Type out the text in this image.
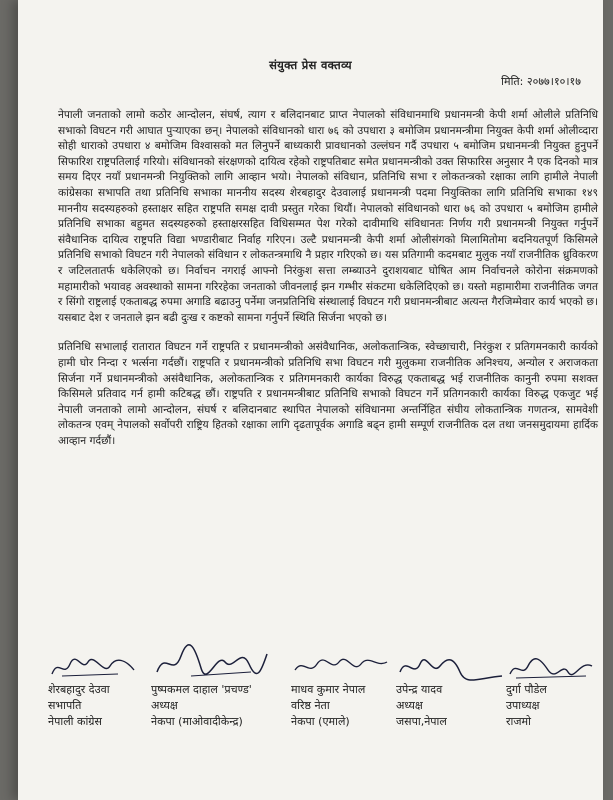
संयुक्त प्रेस वक्तव्य
मिति: २०७७।१०।१७

नेपाली जनताको लामो कठोर आन्दोलन, संघर्ष, त्याग र बलिदानबाट प्राप्त नेपालको संविधानमाथि प्रधानमन्त्री केपी शर्मा ओलीले प्रतिनिधि सभाको विघटन गरी आघात पुर्‍याएका छन्। नेपालको संविधानको धारा ७६ को उपधारा ३ बमोजिम प्रधानमन्त्रीमा नियुक्त केपी शर्मा ओलीव्दारा सोही धाराको उपधारा ४ बमोजिम विश्वासको मत लिनुपर्ने बाध्यकारी प्रावधानको उल्लंघन गर्दै उपधारा ५ बमोजिम प्रधानमन्त्री नियुक्त हुनुपर्ने सिफारिश राष्ट्रपतिलाई गरियो। संविधानको संरक्षणको दायित्व रहेको राष्ट्रपतिबाट समेत प्रधानमन्त्रीको उक्त सिफारिस अनुसार नै एक दिनको मात्र समय दिएर नयाँ प्रधानमन्त्री नियुक्तिको लागि आव्हान भयो। नेपालको संविधान, प्रतिनिधि सभा र लोकतन्त्रको रक्षाका लागि हामीले नेपाली कांग्रेसका सभापति तथा प्रतिनिधि सभाका माननीय सदस्य शेरबहादुर देउवालाई प्रधानमन्त्री पदमा नियुक्तिका लागि प्रतिनिधि सभाका १४९ माननीय सदस्यहरुको हस्ताक्षर सहित राष्ट्रपति समक्ष दावी प्रस्तुत गरेका थियौं। नेपालको संविधानको धारा ७६ को उपधारा ५ बमोजिम हामीले प्रतिनिधि सभाका बहुमत सदस्यहरुको हस्ताक्षरसहित विधिसम्मत पेश गरेको दावीमाथि संविधानतः निर्णय गरी प्रधानमन्त्री नियुक्त गर्नुपर्ने संवैधानिक दायित्व राष्ट्रपति विद्या भण्डारीबाट निर्वाह गरिएन। उल्टै प्रधानमन्त्री केपी शर्मा ओलीसंगको मिलामितोमा बदनियतपूर्ण किसिमले प्रतिनिधि सभाको विघटन गरी नेपालको संविधान र लोकतन्त्रमाथि नै प्रहार गरिएको छ। यस प्रतिगामी कदमबाट मुलुक नयाँ राजनीतिक ध्रुविकरण र जटिलतातर्फ धकेलिएको छ। निर्वाचन नगराई आफ्नो निरंकुश सत्ता लम्ब्याउने दुराशयबाट घोषित आम निर्वाचनले कोरोना संक्रमणको महामारीको भयावह अवस्थाको सामना गरिरहेका जनताको जीवनलाई झन गम्भीर संकटमा धकेलिदिएको छ। यस्तो महामारीमा राजनीतिक जगत र सिंगो राष्ट्रलाई एकताबद्ध रुपमा अगाडि बढाउनु पर्नेमा जनप्रतिनिधि संस्थालाई विघटन गरी प्रधानमन्त्रीबाट अत्यन्त गैरजिम्मेवार कार्य भएको छ। यसबाट देश र जनताले झन बढी दुःख र कष्टको सामना गर्नुपर्ने स्थिति सिर्जना भएको छ।

प्रतिनिधि सभालाई रातारात विघटन गर्ने राष्ट्रपति र प्रधानमन्त्रीको असंवैधानिक, अलोकतान्त्रिक, स्वेच्छाचारी, निरंकुश र प्रतिगमनकारी कार्यको हामी घोर निन्दा र भर्त्सना गर्दछौं। राष्ट्रपति र प्रधानमन्त्रीको प्रतिनिधि सभा विघटन गरी मुलुकमा राजनीतिक अनिश्चय, अन्योल र अराजकता सिर्जना गर्ने प्रधानमन्त्रीको असंवैधानिक, अलोकतान्त्रिक र प्रतिगमनकारी कार्यका विरुद्ध एकताबद्ध भई राजनीतिक कानुनी रुपमा सशक्त किसिमले प्रतिवाद गर्न हामी कटिबद्ध छौं। राष्ट्रपति र प्रधानमन्त्रीबाट प्रतिनिधि सभाको विघटन गर्ने प्रतिगनकारी कार्यका विरुद्ध एकजुट भई नेपाली जनताको लामो आन्दोलन, संघर्ष र बलिदानबाट स्थापित नेपालको संविधानमा अन्तर्निहित संघीय लोकतान्त्रिक गणतन्त्र, सामवेशी लोकतन्त्र एवम् नेपालको सर्वोपरी राष्ट्रिय हितको रक्षाका लागि दृढतापूर्वक अगाडि बढ्न हामी सम्पूर्ण राजनीतिक दल तथा जनसमुदायमा हार्दिक आव्हान गर्दछौं।

शेरबहादुर देउवा
सभापति
नेपाली कांग्रेस
पुष्पकमल दाहाल 'प्रचण्ड'
अध्यक्ष
नेकपा (माओवादीकेन्द्र)
माधव कुमार नेपाल
वरिष्ठ नेता
नेकपा (एमाले)
उपेन्द्र यादव
अध्यक्ष
जसपा,नेपाल
दुर्गा पौडेल
उपाध्यक्ष
राजमो
